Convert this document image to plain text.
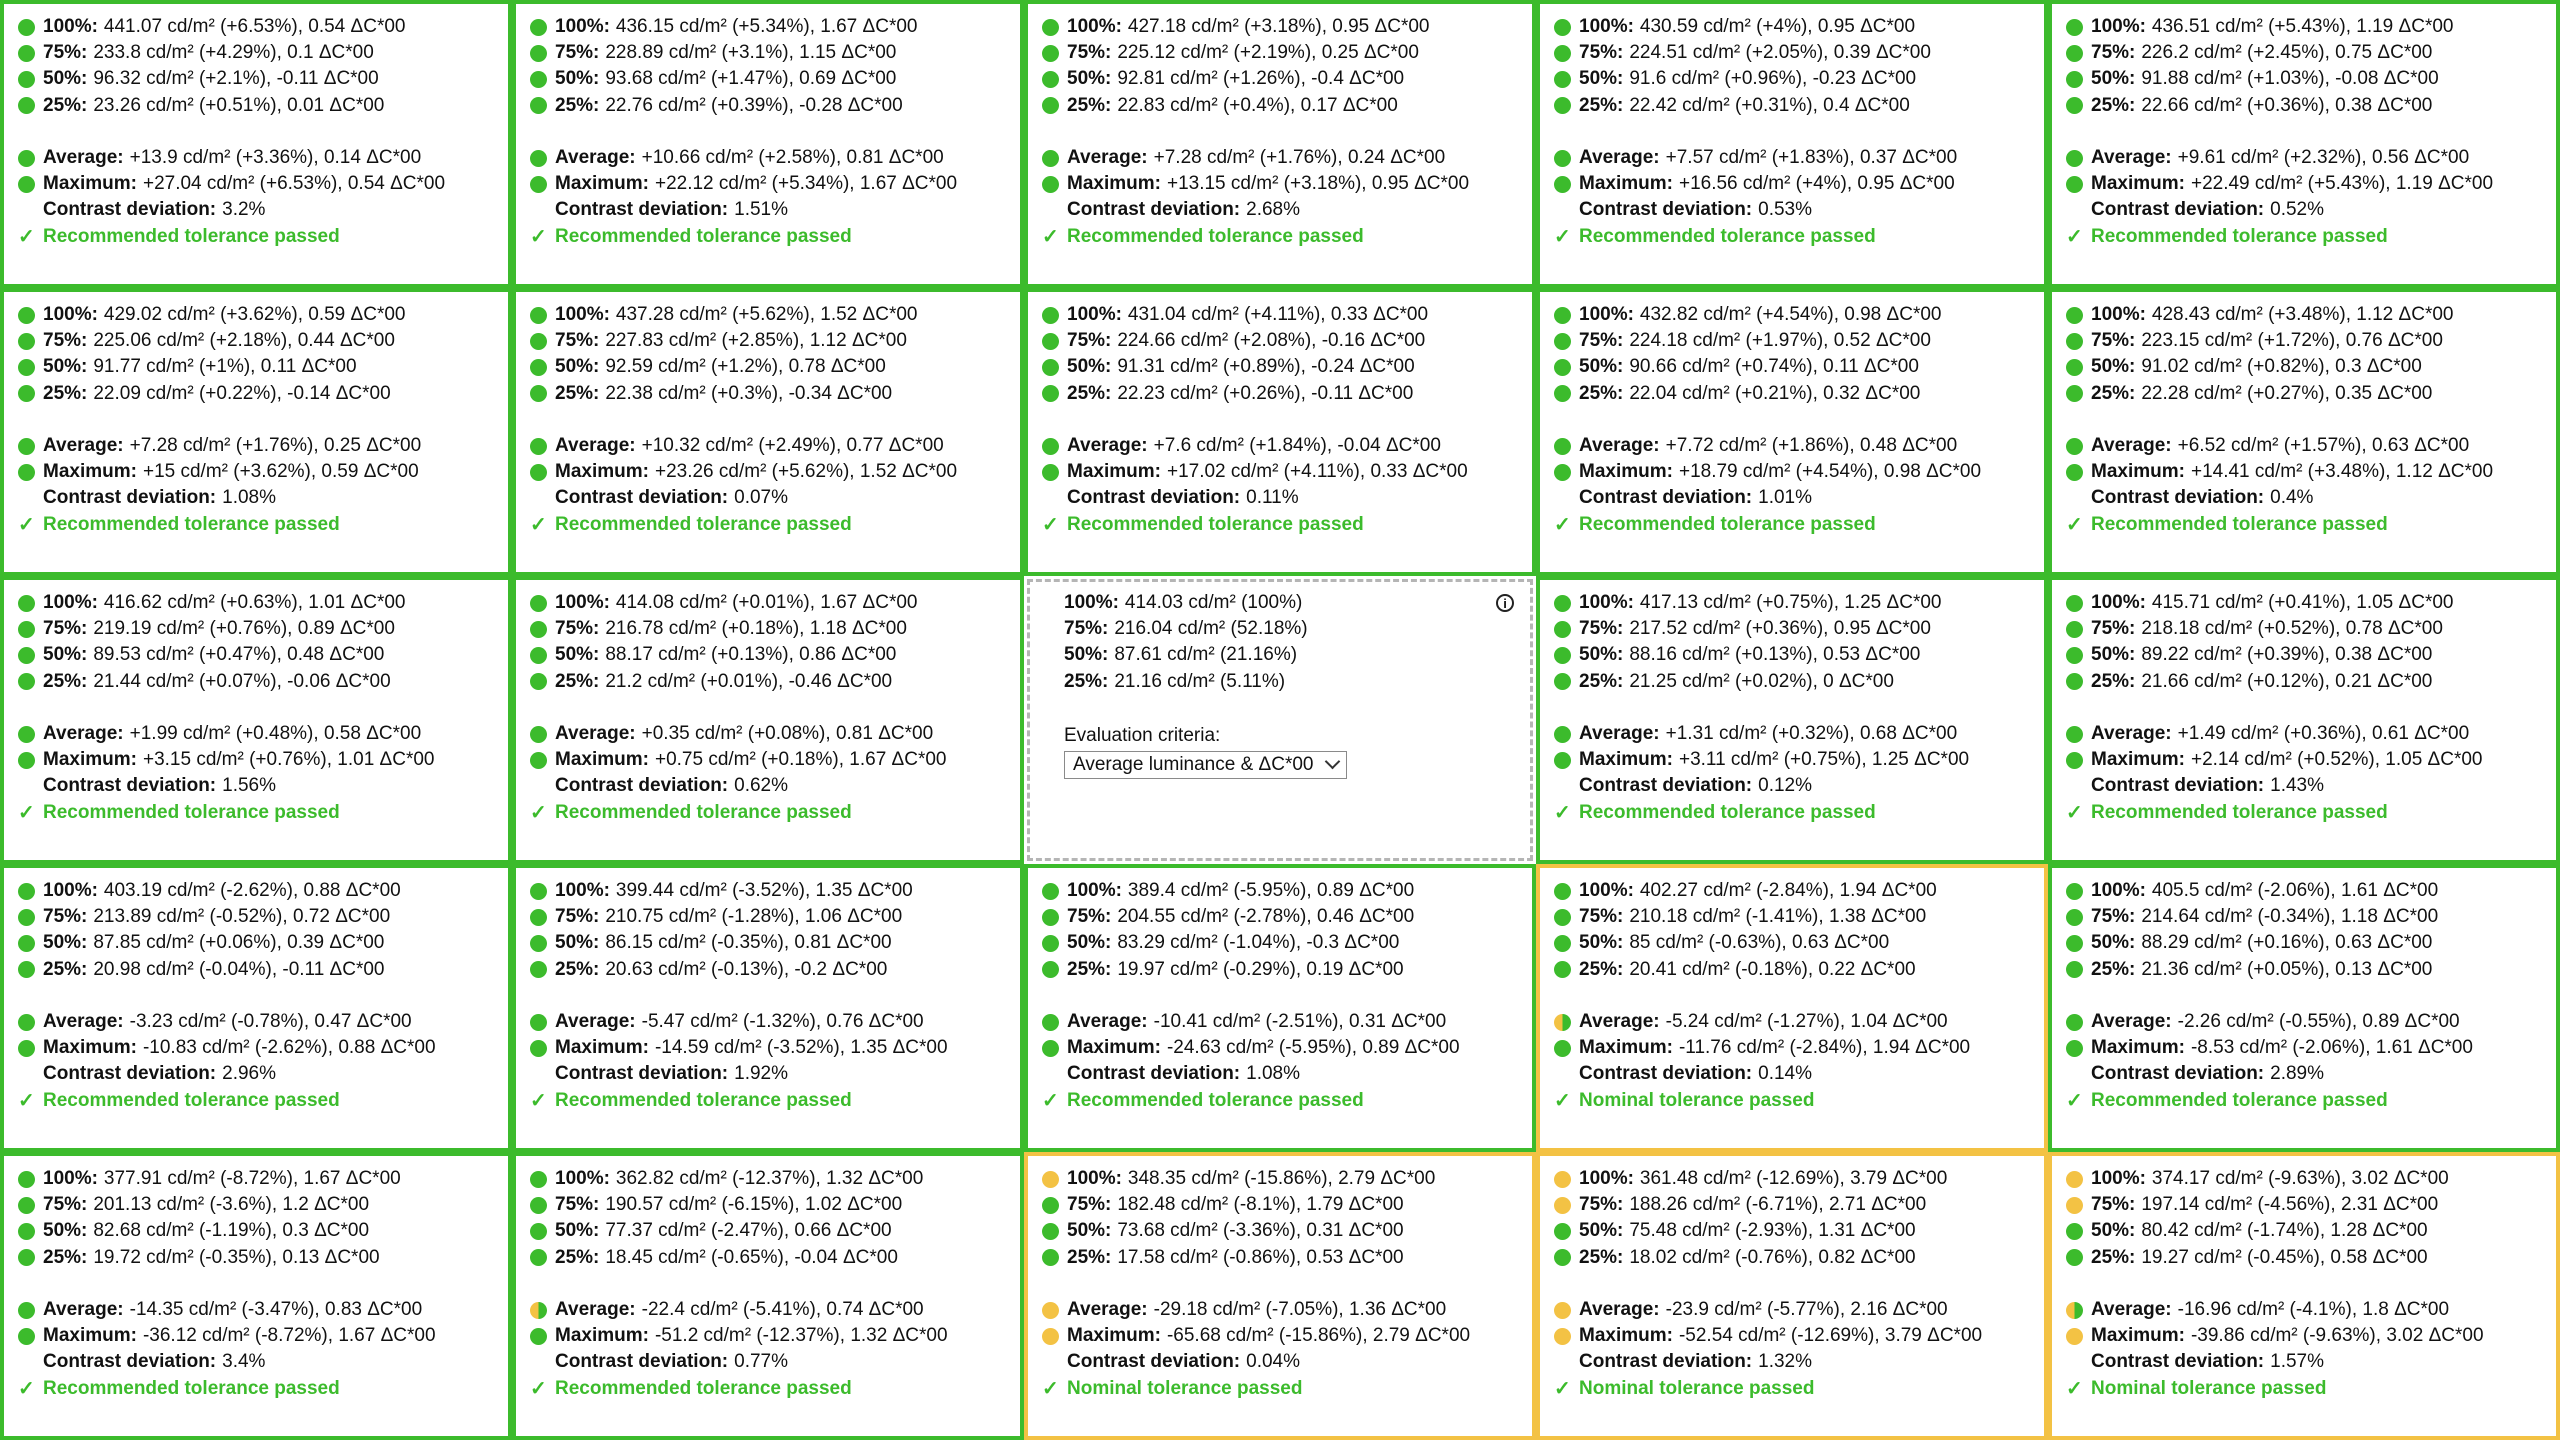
100%: 441.07 cd/m² (+6.53%), 0.54 ΔC*00
75%: 233.8 cd/m² (+4.29%), 0.1 ΔC*00
50%: 96.32 cd/m² (+2.1%), -0.11 ΔC*00
25%: 23.26 cd/m² (+0.51%), 0.01 ΔC*00
Average: +13.9 cd/m² (+3.36%), 0.14 ΔC*00
Maximum: +27.04 cd/m² (+6.53%), 0.54 ΔC*00
Contrast deviation: 3.2%
✓ Recommended tolerance passed
100%: 436.15 cd/m² (+5.34%), 1.67 ΔC*00
75%: 228.89 cd/m² (+3.1%), 1.15 ΔC*00
50%: 93.68 cd/m² (+1.47%), 0.69 ΔC*00
25%: 22.76 cd/m² (+0.39%), -0.28 ΔC*00
Average: +10.66 cd/m² (+2.58%), 0.81 ΔC*00
Maximum: +22.12 cd/m² (+5.34%), 1.67 ΔC*00
Contrast deviation: 1.51%
✓ Recommended tolerance passed
100%: 427.18 cd/m² (+3.18%), 0.95 ΔC*00
75%: 225.12 cd/m² (+2.19%), 0.25 ΔC*00
50%: 92.81 cd/m² (+1.26%), -0.4 ΔC*00
25%: 22.83 cd/m² (+0.4%), 0.17 ΔC*00
Average: +7.28 cd/m² (+1.76%), 0.24 ΔC*00
Maximum: +13.15 cd/m² (+3.18%), 0.95 ΔC*00
Contrast deviation: 2.68%
✓ Recommended tolerance passed
100%: 430.59 cd/m² (+4%), 0.95 ΔC*00
75%: 224.51 cd/m² (+2.05%), 0.39 ΔC*00
50%: 91.6 cd/m² (+0.96%), -0.23 ΔC*00
25%: 22.42 cd/m² (+0.31%), 0.4 ΔC*00
Average: +7.57 cd/m² (+1.83%), 0.37 ΔC*00
Maximum: +16.56 cd/m² (+4%), 0.95 ΔC*00
Contrast deviation: 0.53%
✓ Recommended tolerance passed
100%: 436.51 cd/m² (+5.43%), 1.19 ΔC*00
75%: 226.2 cd/m² (+2.45%), 0.75 ΔC*00
50%: 91.88 cd/m² (+1.03%), -0.08 ΔC*00
25%: 22.66 cd/m² (+0.36%), 0.38 ΔC*00
Average: +9.61 cd/m² (+2.32%), 0.56 ΔC*00
Maximum: +22.49 cd/m² (+5.43%), 1.19 ΔC*00
Contrast deviation: 0.52%
✓ Recommended tolerance passed
100%: 429.02 cd/m² (+3.62%), 0.59 ΔC*00
75%: 225.06 cd/m² (+2.18%), 0.44 ΔC*00
50%: 91.77 cd/m² (+1%), 0.11 ΔC*00
25%: 22.09 cd/m² (+0.22%), -0.14 ΔC*00
Average: +7.28 cd/m² (+1.76%), 0.25 ΔC*00
Maximum: +15 cd/m² (+3.62%), 0.59 ΔC*00
Contrast deviation: 1.08%
✓ Recommended tolerance passed
100%: 437.28 cd/m² (+5.62%), 1.52 ΔC*00
75%: 227.83 cd/m² (+2.85%), 1.12 ΔC*00
50%: 92.59 cd/m² (+1.2%), 0.78 ΔC*00
25%: 22.38 cd/m² (+0.3%), -0.34 ΔC*00
Average: +10.32 cd/m² (+2.49%), 0.77 ΔC*00
Maximum: +23.26 cd/m² (+5.62%), 1.52 ΔC*00
Contrast deviation: 0.07%
✓ Recommended tolerance passed
100%: 431.04 cd/m² (+4.11%), 0.33 ΔC*00
75%: 224.66 cd/m² (+2.08%), -0.16 ΔC*00
50%: 91.31 cd/m² (+0.89%), -0.24 ΔC*00
25%: 22.23 cd/m² (+0.26%), -0.11 ΔC*00
Average: +7.6 cd/m² (+1.84%), -0.04 ΔC*00
Maximum: +17.02 cd/m² (+4.11%), 0.33 ΔC*00
Contrast deviation: 0.11%
✓ Recommended tolerance passed
100%: 432.82 cd/m² (+4.54%), 0.98 ΔC*00
75%: 224.18 cd/m² (+1.97%), 0.52 ΔC*00
50%: 90.66 cd/m² (+0.74%), 0.11 ΔC*00
25%: 22.04 cd/m² (+0.21%), 0.32 ΔC*00
Average: +7.72 cd/m² (+1.86%), 0.48 ΔC*00
Maximum: +18.79 cd/m² (+4.54%), 0.98 ΔC*00
Contrast deviation: 1.01%
✓ Recommended tolerance passed
100%: 428.43 cd/m² (+3.48%), 1.12 ΔC*00
75%: 223.15 cd/m² (+1.72%), 0.76 ΔC*00
50%: 91.02 cd/m² (+0.82%), 0.3 ΔC*00
25%: 22.28 cd/m² (+0.27%), 0.35 ΔC*00
Average: +6.52 cd/m² (+1.57%), 0.63 ΔC*00
Maximum: +14.41 cd/m² (+3.48%), 1.12 ΔC*00
Contrast deviation: 0.4%
✓ Recommended tolerance passed
100%: 416.62 cd/m² (+0.63%), 1.01 ΔC*00
75%: 219.19 cd/m² (+0.76%), 0.89 ΔC*00
50%: 89.53 cd/m² (+0.47%), 0.48 ΔC*00
25%: 21.44 cd/m² (+0.07%), -0.06 ΔC*00
Average: +1.99 cd/m² (+0.48%), 0.58 ΔC*00
Maximum: +3.15 cd/m² (+0.76%), 1.01 ΔC*00
Contrast deviation: 1.56%
✓ Recommended tolerance passed
100%: 414.08 cd/m² (+0.01%), 1.67 ΔC*00
75%: 216.78 cd/m² (+0.18%), 1.18 ΔC*00
50%: 88.17 cd/m² (+0.13%), 0.86 ΔC*00
25%: 21.2 cd/m² (+0.01%), -0.46 ΔC*00
Average: +0.35 cd/m² (+0.08%), 0.81 ΔC*00
Maximum: +0.75 cd/m² (+0.18%), 1.67 ΔC*00
Contrast deviation: 0.62%
✓ Recommended tolerance passed
100%: 414.03 cd/m² (100%)
75%: 216.04 cd/m² (52.18%)
50%: 87.61 cd/m² (21.16%)
25%: 21.16 cd/m² (5.11%)
Evaluation criteria:
Average luminance & ΔC*00
i	100%: 417.13 cd/m² (+0.75%), 1.25 ΔC*00
75%: 217.52 cd/m² (+0.36%), 0.95 ΔC*00
50%: 88.16 cd/m² (+0.13%), 0.53 ΔC*00
25%: 21.25 cd/m² (+0.02%), 0 ΔC*00
Average: +1.31 cd/m² (+0.32%), 0.68 ΔC*00
Maximum: +3.11 cd/m² (+0.75%), 1.25 ΔC*00
Contrast deviation: 0.12%
✓ Recommended tolerance passed
100%: 415.71 cd/m² (+0.41%), 1.05 ΔC*00
75%: 218.18 cd/m² (+0.52%), 0.78 ΔC*00
50%: 89.22 cd/m² (+0.39%), 0.38 ΔC*00
25%: 21.66 cd/m² (+0.12%), 0.21 ΔC*00
Average: +1.49 cd/m² (+0.36%), 0.61 ΔC*00
Maximum: +2.14 cd/m² (+0.52%), 1.05 ΔC*00
Contrast deviation: 1.43%
✓ Recommended tolerance passed
100%: 403.19 cd/m² (-2.62%), 0.88 ΔC*00
75%: 213.89 cd/m² (-0.52%), 0.72 ΔC*00
50%: 87.85 cd/m² (+0.06%), 0.39 ΔC*00
25%: 20.98 cd/m² (-0.04%), -0.11 ΔC*00
Average: -3.23 cd/m² (-0.78%), 0.47 ΔC*00
Maximum: -10.83 cd/m² (-2.62%), 0.88 ΔC*00
Contrast deviation: 2.96%
✓ Recommended tolerance passed
100%: 399.44 cd/m² (-3.52%), 1.35 ΔC*00
75%: 210.75 cd/m² (-1.28%), 1.06 ΔC*00
50%: 86.15 cd/m² (-0.35%), 0.81 ΔC*00
25%: 20.63 cd/m² (-0.13%), -0.2 ΔC*00
Average: -5.47 cd/m² (-1.32%), 0.76 ΔC*00
Maximum: -14.59 cd/m² (-3.52%), 1.35 ΔC*00
Contrast deviation: 1.92%
✓ Recommended tolerance passed
100%: 389.4 cd/m² (-5.95%), 0.89 ΔC*00
75%: 204.55 cd/m² (-2.78%), 0.46 ΔC*00
50%: 83.29 cd/m² (-1.04%), -0.3 ΔC*00
25%: 19.97 cd/m² (-0.29%), 0.19 ΔC*00
Average: -10.41 cd/m² (-2.51%), 0.31 ΔC*00
Maximum: -24.63 cd/m² (-5.95%), 0.89 ΔC*00
Contrast deviation: 1.08%
✓ Recommended tolerance passed
100%: 402.27 cd/m² (-2.84%), 1.94 ΔC*00
75%: 210.18 cd/m² (-1.41%), 1.38 ΔC*00
50%: 85 cd/m² (-0.63%), 0.63 ΔC*00
25%: 20.41 cd/m² (-0.18%), 0.22 ΔC*00
Average: -5.24 cd/m² (-1.27%), 1.04 ΔC*00
Maximum: -11.76 cd/m² (-2.84%), 1.94 ΔC*00
Contrast deviation: 0.14%
✓ Nominal tolerance passed
100%: 405.5 cd/m² (-2.06%), 1.61 ΔC*00
75%: 214.64 cd/m² (-0.34%), 1.18 ΔC*00
50%: 88.29 cd/m² (+0.16%), 0.63 ΔC*00
25%: 21.36 cd/m² (+0.05%), 0.13 ΔC*00
Average: -2.26 cd/m² (-0.55%), 0.89 ΔC*00
Maximum: -8.53 cd/m² (-2.06%), 1.61 ΔC*00
Contrast deviation: 2.89%
✓ Recommended tolerance passed
100%: 377.91 cd/m² (-8.72%), 1.67 ΔC*00
75%: 201.13 cd/m² (-3.6%), 1.2 ΔC*00
50%: 82.68 cd/m² (-1.19%), 0.3 ΔC*00
25%: 19.72 cd/m² (-0.35%), 0.13 ΔC*00
Average: -14.35 cd/m² (-3.47%), 0.83 ΔC*00
Maximum: -36.12 cd/m² (-8.72%), 1.67 ΔC*00
Contrast deviation: 3.4%
✓ Recommended tolerance passed
100%: 362.82 cd/m² (-12.37%), 1.32 ΔC*00
75%: 190.57 cd/m² (-6.15%), 1.02 ΔC*00
50%: 77.37 cd/m² (-2.47%), 0.66 ΔC*00
25%: 18.45 cd/m² (-0.65%), -0.04 ΔC*00
Average: -22.4 cd/m² (-5.41%), 0.74 ΔC*00
Maximum: -51.2 cd/m² (-12.37%), 1.32 ΔC*00
Contrast deviation: 0.77%
✓ Recommended tolerance passed
100%: 348.35 cd/m² (-15.86%), 2.79 ΔC*00
75%: 182.48 cd/m² (-8.1%), 1.79 ΔC*00
50%: 73.68 cd/m² (-3.36%), 0.31 ΔC*00
25%: 17.58 cd/m² (-0.86%), 0.53 ΔC*00
Average: -29.18 cd/m² (-7.05%), 1.36 ΔC*00
Maximum: -65.68 cd/m² (-15.86%), 2.79 ΔC*00
Contrast deviation: 0.04%
✓ Nominal tolerance passed
100%: 361.48 cd/m² (-12.69%), 3.79 ΔC*00
75%: 188.26 cd/m² (-6.71%), 2.71 ΔC*00
50%: 75.48 cd/m² (-2.93%), 1.31 ΔC*00
25%: 18.02 cd/m² (-0.76%), 0.82 ΔC*00
Average: -23.9 cd/m² (-5.77%), 2.16 ΔC*00
Maximum: -52.54 cd/m² (-12.69%), 3.79 ΔC*00
Contrast deviation: 1.32%
✓ Nominal tolerance passed
100%: 374.17 cd/m² (-9.63%), 3.02 ΔC*00
75%: 197.14 cd/m² (-4.56%), 2.31 ΔC*00
50%: 80.42 cd/m² (-1.74%), 1.28 ΔC*00
25%: 19.27 cd/m² (-0.45%), 0.58 ΔC*00
Average: -16.96 cd/m² (-4.1%), 1.8 ΔC*00
Maximum: -39.86 cd/m² (-9.63%), 3.02 ΔC*00
Contrast deviation: 1.57%
✓ Nominal tolerance passed
